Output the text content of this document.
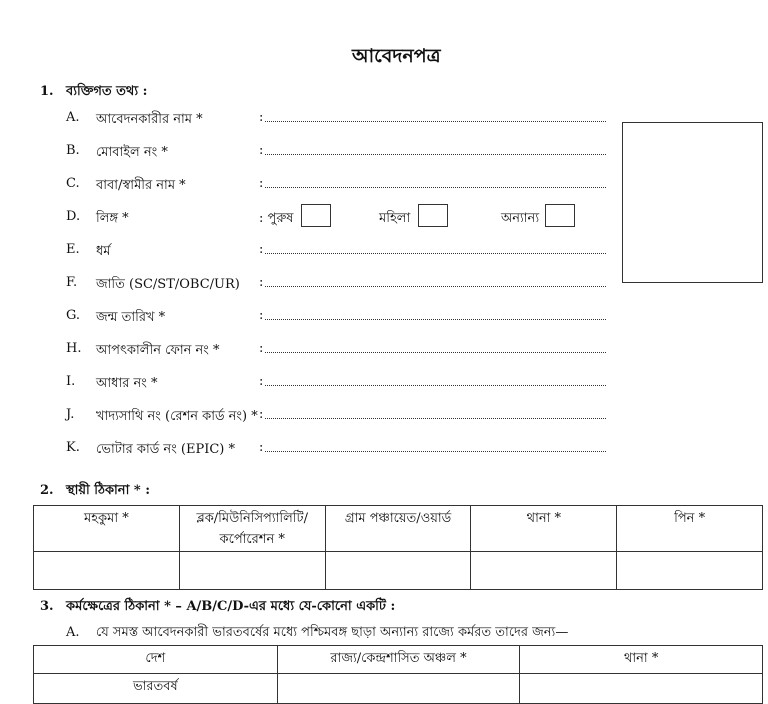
আবেদনপত্র
1. ব্যক্তিগত তথ্য :
A. আবেদনকারীর নাম *	:
B. মোবাইল নং *	:
C. বাবা/স্বামীর নাম *	:
D. লিঙ্গ *	: পুরুষ	মহিলা	অন্যান্য
E. ধর্ম	:
F. জাতি (SC/ST/OBC/UR) :
G. জন্ম তারিখ *	:
H. আপৎকালীন ফোন নং *	:
I. আধার নং *	:
J. খাদ্যসাথি নং (রেশন কার্ড নং) * :
K. ভোটার কার্ড নং (EPIC) * :
2. স্থায়ী ঠিকানা * :
মহকুমা *	ব্লক/মিউনিসিপ্যালিটি/ কর্পোরেশন *	গ্রাম পঞ্চায়েত/ওয়ার্ড	থানা *	পিন *

3. কর্মক্ষেত্রের ঠিকানা * – A/B/C/D-এর মধ্যে যে-কোনো একটি :
A. যে সমস্ত আবেদনকারী ভারতবর্ষের মধ্যে পশ্চিমবঙ্গ ছাড়া অন্যান্য রাজ্যে কর্মরত তাদের জন্য—
দেশ	রাজ্য/কেন্দ্রশাসিত অঞ্চল *	থানা *
ভারতবর্ষ		
